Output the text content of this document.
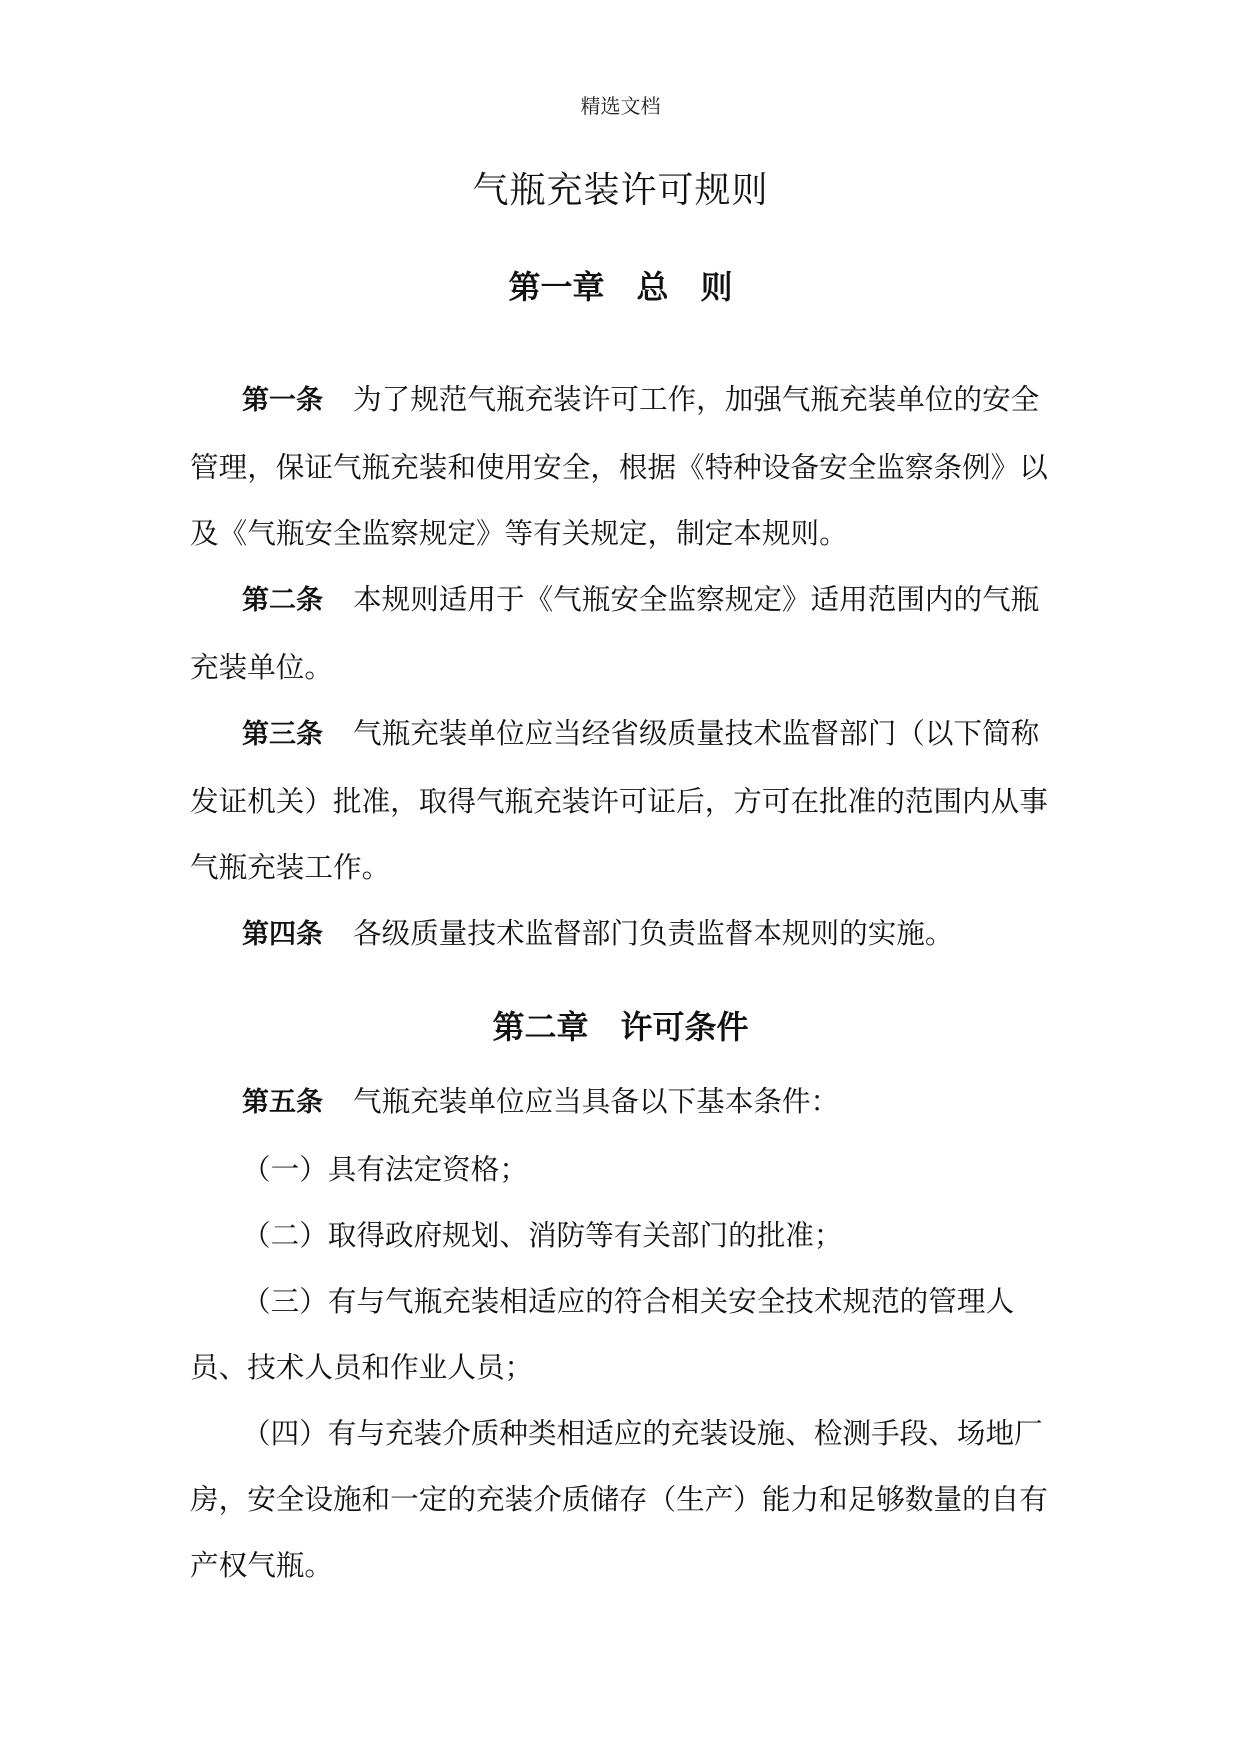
精选文档
气瓶充装许可规则
第一章　总　则

第一条 为了规范气瓶充装许可工作，加强气瓶充装单位的安全管理，保证气瓶充装和使用安全，根据《特种设备安全监察条例》以及《气瓶安全监察规定》等有关规定，制定本规则。

第二条 本规则适用于《气瓶安全监察规定》适用范围内的气瓶充装单位。

第三条 气瓶充装单位应当经省级质量技术监督部门（以下简称发证机关）批准，取得气瓶充装许可证后，方可在批准的范围内从事气瓶充装工作。

第四条 各级质量技术监督部门负责监督本规则的实施。

第二章　许可条件

第五条 气瓶充装单位应当具备以下基本条件：

（一）具有法定资格；

（二）取得政府规划、消防等有关部门的批准；

（三）有与气瓶充装相适应的符合相关安全技术规范的管理人员、技术人员和作业人员；

（四）有与充装介质种类相适应的充装设施、检测手段、场地厂房，安全设施和一定的充装介质储存（生产）能力和足够数量的自有产权气瓶。
